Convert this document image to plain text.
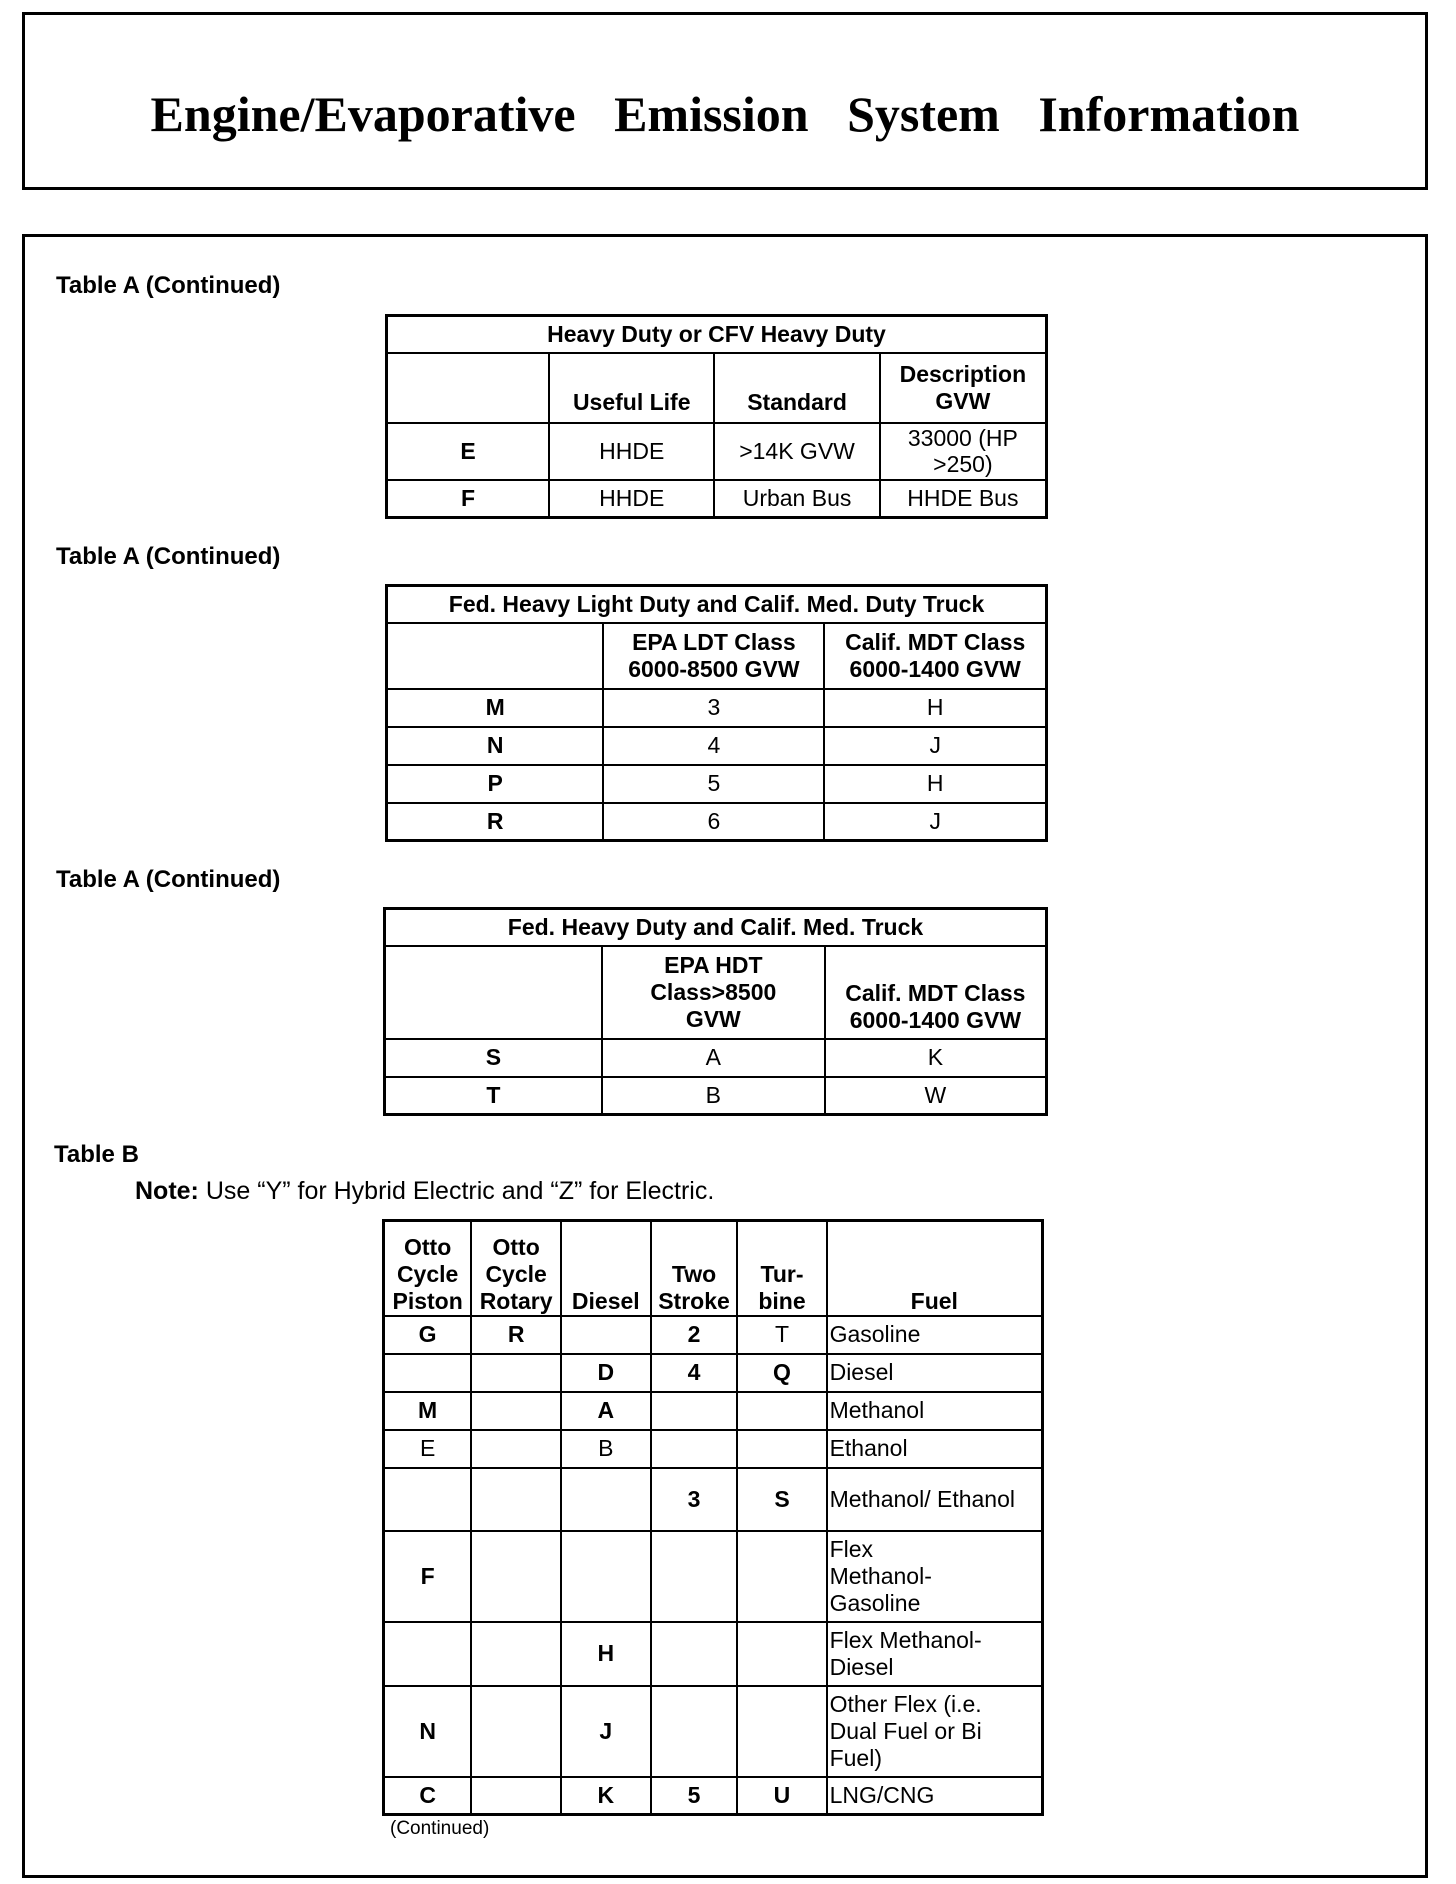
Engine/Evaporative Emission System Information
Table A (Continued)
Heavy Duty or CFV Heavy Duty			
	Useful Life	Standard	Description GVW
E	HHDE	>14K GVW	33000 (HP >250)
F	HHDE	Urban Bus	HHDE Bus
Table A (Continued)
Fed. Heavy Light Duty and Calif. Med. Duty Truck		
	EPA LDT Class 6000-8500 GVW	Calif. MDT Class 6000-1400 GVW
M	3	H
N	4	J
P	5	H
R	6	J
Table A (Continued)
Fed. Heavy Duty and Calif. Med. Truck		
	EPA HDT Class>8500 GVW	Calif. MDT Class 6000-1400 GVW
S	A	K
T	B	W
Table B
Note: Use “Y” for Hybrid Electric and “Z” for Electric.
Otto Cycle Piston	Otto Cycle Rotary	Diesel	Two Stroke	Tur-bine	Fuel
G	R		2	T	Gasoline
		D	4	Q	Diesel
M		A			Methanol
E		B			Ethanol
			3	S	Methanol/ Ethanol
F					Flex Methanol-Gasoline
		H			Flex Methanol-Diesel
N		J			Other Flex (i.e. Dual Fuel or Bi Fuel)
C		K	5	U	LNG/CNG
(Continued)
